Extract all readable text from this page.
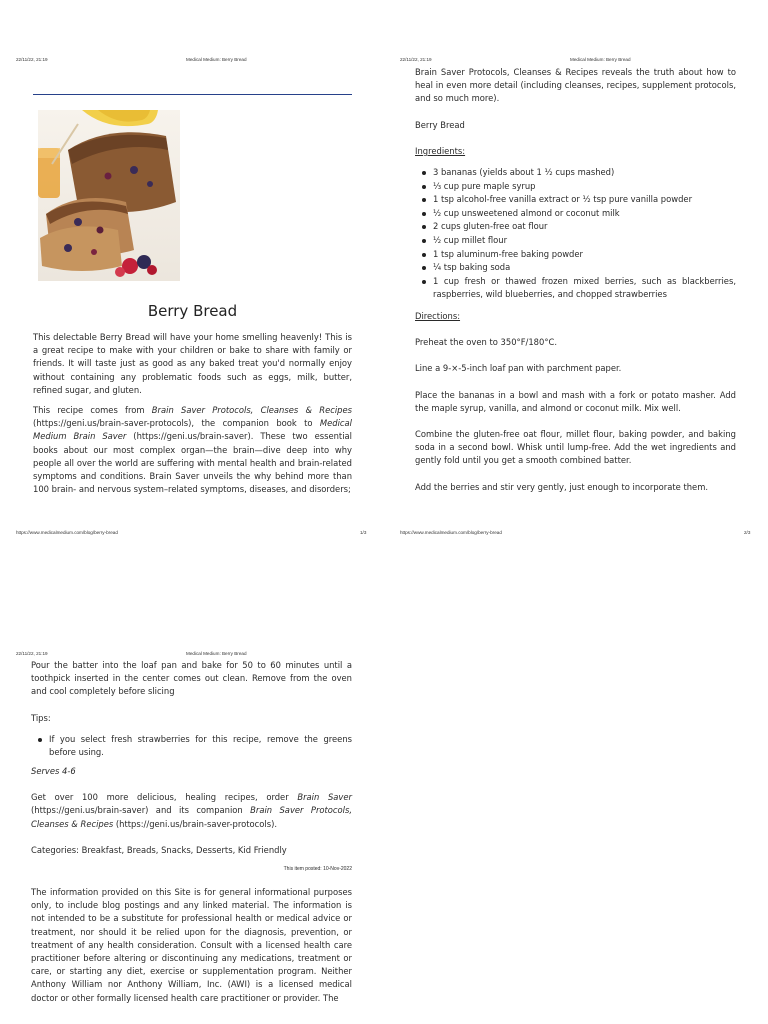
22/11/22, 21:19	Medical Medium: Berry Bread
Berry Bread

This delectable Berry Bread will have your home smelling heavenly! This is a great recipe to make with your children or bake to share with family or friends. It will taste just as good as any baked treat you'd normally enjoy without containing any problematic foods such as eggs, milk, butter, refined sugar, and gluten.

This recipe comes from Brain Saver Protocols, Cleanses & Recipes (https://geni.us/brain-saver-protocols), the companion book to Medical Medium Brain Saver (https://geni.us/brain-saver). These two essential books about our most complex organ—the brain—dive deep into why people all over the world are suffering with mental health and brain-related symptoms and conditions. Brain Saver unveils the why behind more than 100 brain- and nervous system–related symptoms, diseases, and disorders;

https://www.medicalmedium.com/blog/berry-bread	1/3
22/11/22, 21:19	Medical Medium: Berry Bread

Brain Saver Protocols, Cleanses & Recipes reveals the truth about how to heal in even more detail (including cleanses, recipes, supplement protocols, and so much more).

Berry Bread

Ingredients:

3 bananas (yields about 1 ½ cups mashed)
⅓ cup pure maple syrup
1 tsp alcohol-free vanilla extract or ½ tsp pure vanilla powder
½ cup unsweetened almond or coconut milk
2 cups gluten-free oat flour
½ cup millet flour
1 tsp aluminum-free baking powder
¼ tsp baking soda
1 cup fresh or thawed frozen mixed berries, such as blackberries, raspberries, wild blueberries, and chopped strawberries

Directions:

Preheat the oven to 350°F/180°C.

Line a 9-×-5-inch loaf pan with parchment paper.

Place the bananas in a bowl and mash with a fork or potato masher. Add the maple syrup, vanilla, and almond or coconut milk. Mix well.

Combine the gluten-free oat flour, millet flour, baking powder, and baking soda in a second bowl. Whisk until lump-free. Add the wet ingredients and gently fold until you get a smooth combined batter.

Add the berries and stir very gently, just enough to incorporate them.

https://www.medicalmedium.com/blog/berry-bread	2/3
22/11/22, 21:19	Medical Medium: Berry Bread

Pour the batter into the loaf pan and bake for 50 to 60 minutes until a toothpick inserted in the center comes out clean. Remove from the oven and cool completely before slicing

Tips:

If you select fresh strawberries for this recipe, remove the greens before using.

Serves 4-6

Get over 100 more delicious, healing recipes, order Brain Saver (https://geni.us/brain-saver) and its companion Brain Saver Protocols, Cleanses & Recipes (https://geni.us/brain-saver-protocols).

Categories: Breakfast, Breads, Snacks, Desserts, Kid Friendly

This item posted: 10-Nov-2022

The information provided on this Site is for general informational purposes only, to include blog postings and any linked material. The information is not intended to be a substitute for professional health or medical advice or treatment, nor should it be relied upon for the diagnosis, prevention, or treatment of any health consideration. Consult with a licensed health care practitioner before altering or discontinuing any medications, treatment or care, or starting any diet, exercise or supplementation program. Neither Anthony William nor Anthony William, Inc. (AWI) is a licensed medical doctor or other formally licensed health care practitioner or provider. The
